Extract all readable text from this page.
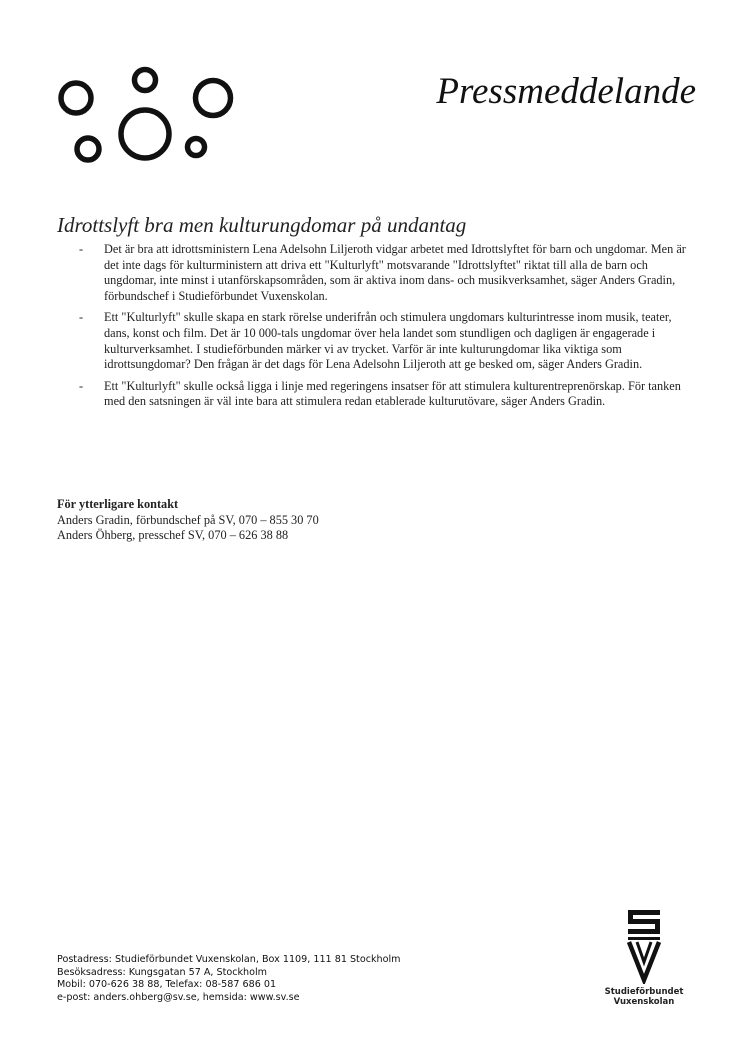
Pressmeddelande
Idrottslyft bra men kulturungdomar på undantag
- Det är bra att idrottsministern Lena Adelsohn Liljeroth vidgar arbetet med Idrottslyftet för barn och ungdomar. Men är det inte dags för kulturministern att driva ett "Kulturlyft" motsvarande "Idrottslyftet" riktat till alla de barn och ungdomar, inte minst i utanförskapsområden, som är aktiva inom dans- och musikverksamhet, säger Anders Gradin, förbundschef i Studieförbundet Vuxenskolan.
- Ett "Kulturlyft" skulle skapa en stark rörelse underifrån och stimulera ungdomars kulturintresse inom musik, teater, dans, konst och film. Det är 10 000-tals ungdomar över hela landet som stundligen och dagligen är engagerade i kulturverksamhet. I studieförbunden märker vi av trycket. Varför är inte kulturungdomar lika viktiga som idrottsungdomar? Den frågan är det dags för Lena Adelsohn Liljeroth att ge besked om, säger Anders Gradin.
- Ett "Kulturlyft" skulle också ligga i linje med regeringens insatser för att stimulera kulturentreprenörskap. För tanken med den satsningen är väl inte bara att stimulera redan etablerade kulturutövare, säger Anders Gradin.
För ytterligare kontakt
Anders Gradin, förbundschef på SV, 070 – 855 30 70
Anders Öhberg, presschef SV, 070 – 626 38 88
Postadress: Studieförbundet Vuxenskolan, Box 1109, 111 81 Stockholm
Besöksadress: Kungsgatan 57 A, Stockholm
Mobil: 070-626 38 88, Telefax: 08-587 686 01
e-post: anders.ohberg@sv.se, hemsida: www.sv.se	Studieförbundet
Vuxenskolan
